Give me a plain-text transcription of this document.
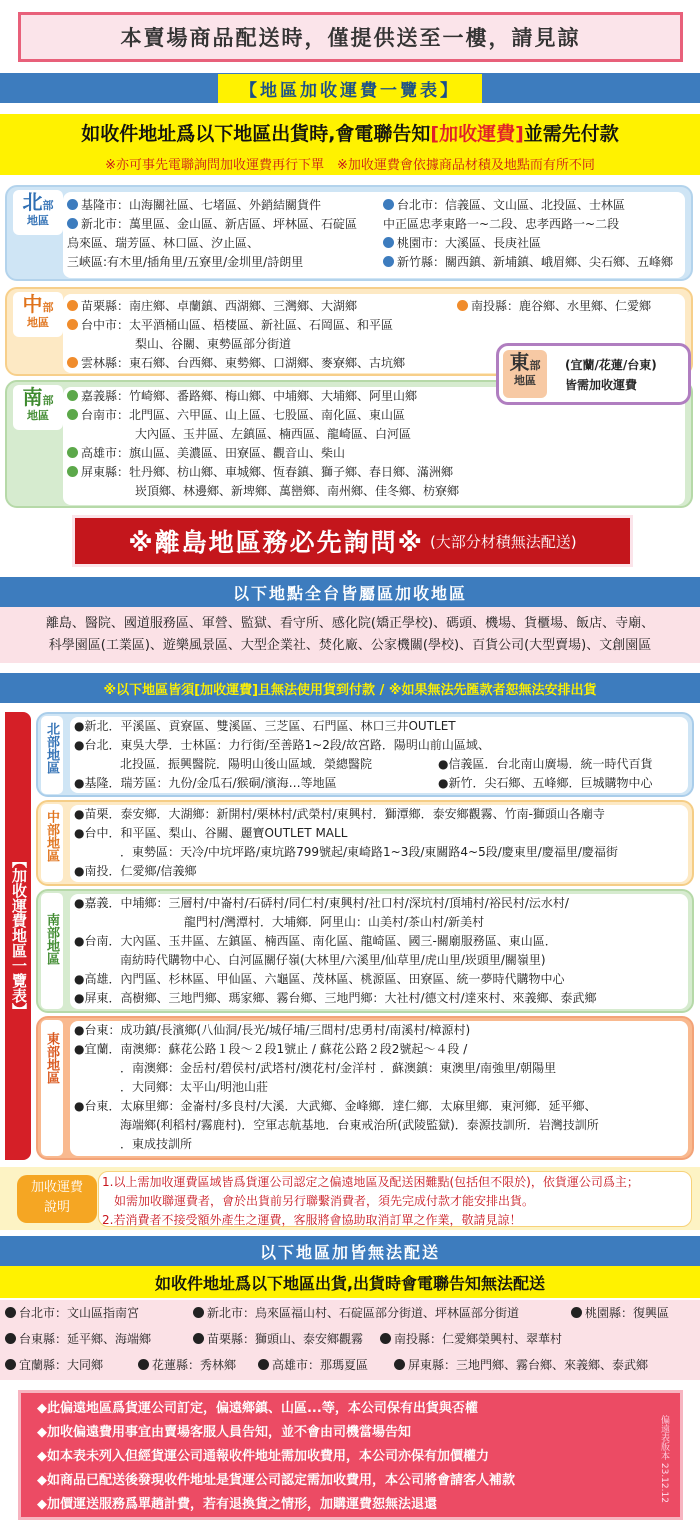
本賣場商品配送時，僅提供送至一樓，請見諒
【地區加收運費一覽表】
如收件地址爲以下地區出貨時,會電聯告知 [加收運費] 並需先付款
※亦可事先電聯詢問加收運費再行下單　※加收運費會依據商品材積及地點而有所不同
北部
地區
基隆市：山海關社區、七堵區、外銷結關貨件
新北市：萬里區、金山區、新店區、坪林區、石碇區
烏來區、瑞芳區、林口區、汐止區、
三峽區:有木里/插角里/五寮里/金圳里/詩朗里
台北市：信義區、文山區、北投區、士林區
中正區忠孝東路一~二段、忠孝西路一~二段
桃園市：大溪區、長庚社區
新竹縣：關西鎮、新埔鎮、峨眉鄉、尖石鄉、五峰鄉
中部
地區
苗栗縣：南庄鄉、卓蘭鎮、西湖鄉、三灣鄉、大湖鄉
台中市：太平酒桶山區、梧棲區、新社區、石岡區、和平區
梨山、谷關、東勢區部分街道
雲林縣：東石鄉、台西鄉、東勢鄉、口湖鄉、麥寮鄉、古坑鄉
南投縣：鹿谷鄉、水里鄉、仁愛鄉
南部
地區
嘉義縣：竹崎鄉、番路鄉、梅山鄉、中埔鄉、大埔鄉、阿里山鄉
台南市：北門區、六甲區、山上區、七股區、南化區、東山區
大內區、玉井區、左鎮區、楠西區、龍崎區、白河區
高雄市：旗山區、美濃區、田寮區、觀音山、柴山
屏東縣：牡丹鄉、枋山鄉、車城鄉、恆春鎮、獅子鄉、春日鄉、滿洲鄉
崁頂鄉、林邊鄉、新埤鄉、萬巒鄉、南州鄉、佳冬鄉、枋寮鄉
東部
地區
(宜蘭/花蓮/台東)
皆需加收運費
※離島地區務必先詢問※ (大部分材積無法配送)
以下地點全台皆屬區加收地區
離島、醫院、國道服務區、軍營、監獄、看守所、感化院(矯正學校)、碼頭、機場、貨櫃場、飯店、寺廟、
科學園區(工業區)、遊樂風景區、大型企業社、焚化廠、公家機關(學校)、百貨公司(大型賣場)、文創園區
※以下地區皆須[加收運費]且無法使用貨到付款 / ※如果無法先匯款者恕無法安排出貨
【加收運費地區一覽表】
北部地區 ●新北．平溪區、貢寮區、雙溪區、三芝區、石門區、林口三井OUTLET
●台北．東吳大學．士林區：力行街/至善路1~2段/故宮路．陽明山前山區域、
北投區．振興醫院．陽明山後山區域．榮總醫院	●信義區．台北南山廣場．統一時代百貨
●基隆．瑞芳區：九份/金瓜石/猴硐/濱海…等地區	●新竹．尖石鄉、五峰鄉．巨城購物中心
中部地區 ●苗栗．泰安鄉．大湖鄉：新開村/栗林村/武榮村/東興村．獅潭鄉．泰安鄉觀霧、竹南-獅頭山各廟寺
●台中．和平區、梨山、谷關、麗寶OUTLET MALL
．東勢區：天冷/中坑坪路/東坑路799號起/東崎路1~3段/東關路4~5段/慶東里/慶福里/慶福街
●南投．仁愛鄉/信義鄉
南部地區
●嘉義．中埔鄉：三層村/中崙村/石硦村/同仁村/東興村/社口村/深坑村/頂埔村/裕民村/沄水村/
龍門村/灣潭村．大埔鄉．阿里山：山美村/茶山村/新美村
●台南．大內區、玉井區、左鎮區、楠西區、南化區、龍崎區、國三-關廟服務區、東山區．
南紡時代購物中心、白河區關仔嶺(大林里/六溪里/仙草里/虎山里/崁頭里/關嶺里)
●高雄．內門區、杉林區、甲仙區、六龜區、茂林區、桃源區、田寮區、統一夢時代購物中心
●屏東．高樹鄉、三地門鄉、瑪家鄉、霧台鄉、三地門鄉：大社村/德文村/達來村、來義鄉、泰武鄉
東部地區
●台東：成功鎮/長濱鄉(八仙洞/長光/城仔埔/三間村/忠勇村/南溪村/樟源村)
●宜蘭．南澳鄉：蘇花公路１段～２段1號止 / 蘇花公路２段2號起～４段 /
．南澳鄉：金岳村/碧侯村/武塔村/澳花村/金洋村 ．蘇澳鎮：東澳里/南強里/朝陽里
．大同鄉：太平山/明池山莊
●台東．太麻里鄉：金崙村/多良村/大溪．大武鄉、金峰鄉．達仁鄉．太麻里鄉．東河鄉．延平鄉、
海端鄉(利稻村/霧鹿村)．空軍志航基地．台東戒治所(武陵監獄)．泰源技訓所．岩灣技訓所
．東成技訓所
加收運費
說明
1.以上需加收運費區域皆爲貨運公司認定之偏遠地區及配送困難點(包括但不限於)，依貨運公司爲主；
如需加收聯運費者，會於出貨前另行聯繫消費者，須先完成付款才能安排出貨。
2.若消費者不接受額外產生之運費，客服將會協助取消訂單之作業，敬請見諒！
以下地區加皆無法配送
如收件地址爲以下地區出貨,出貨時會電聯告知無法配送
台北市：文山區指南宮	新北市：烏來區福山村、石碇區部分街道、坪林區部分街道	桃園縣：復興區
台東縣：延平鄉、海端鄉	苗栗縣：獅頭山、泰安鄉觀霧	南投縣：仁愛鄉榮興村、翠華村
宜蘭縣：大同鄉	花蓮縣：秀林鄉	高雄市：那瑪夏區	屏東縣：三地門鄉、霧台鄉、來義鄉、泰武鄉
◆此偏遠地區爲貨運公司訂定，偏遠鄉鎮、山區...等，本公司保有出貨與否權
◆加收偏遠費用事宜由賣場客服人員告知，並不會由司機當場告知
◆如本表未列入但經貨運公司通報收件地址需加收費用，本公司亦保有加價權力
◆如商品已配送後發現收件地址是貨運公司認定需加收費用，本公司將會請客人補款
◆加價運送服務爲單趟計費，若有退換貨之情形，加購運費恕無法退還
偏遠表版本 23.12.12
